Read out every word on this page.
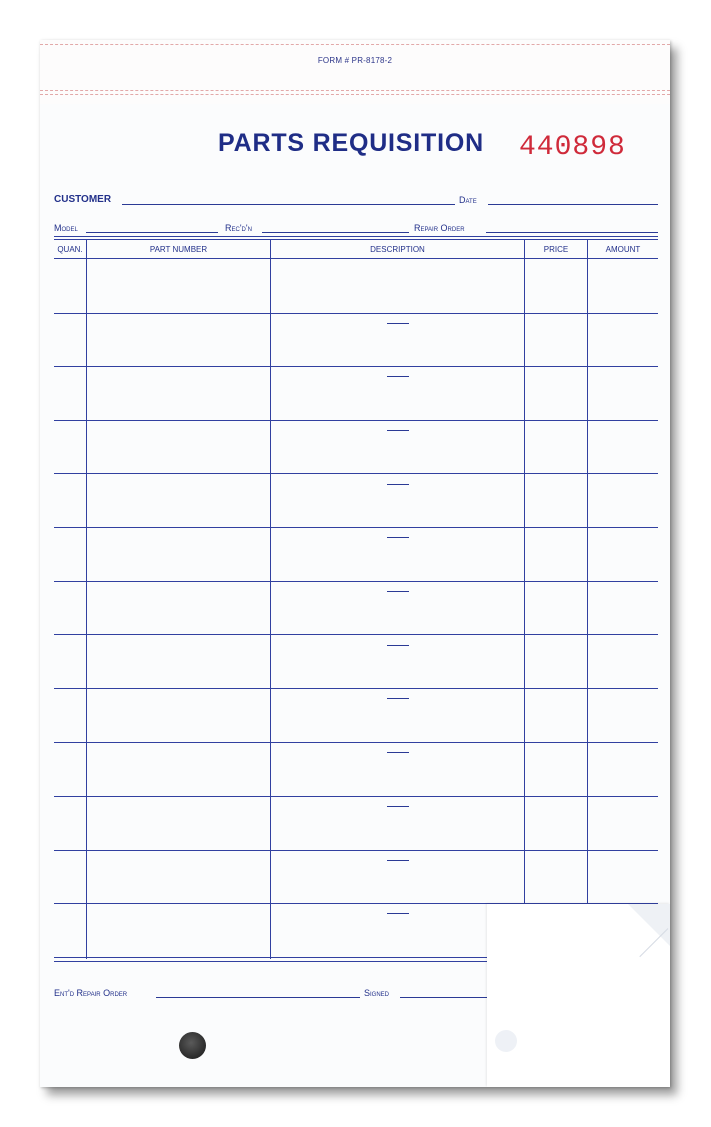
FORM # PR-8178-2
PARTS REQUISITION 440898
CUSTOMER	Date
Model	Rec'd'n	Repair Order
QUAN.	PART NUMBER	DESCRIPTION	PRICE	AMOUNT
Ent'd Repair Order	Signed
